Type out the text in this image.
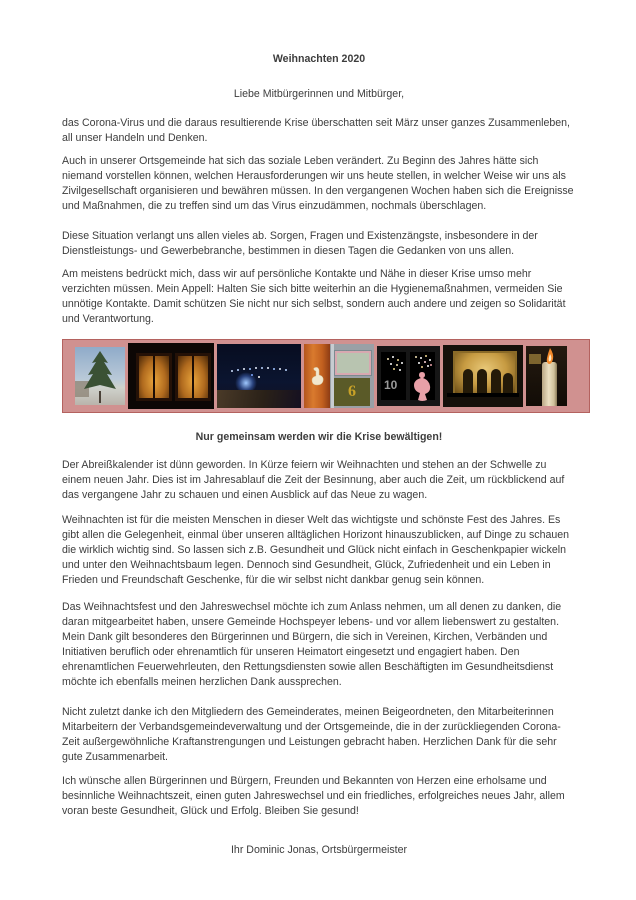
Weihnachten 2020
Liebe Mitbürgerinnen und Mitbürger,
das Corona-Virus und die daraus resultierende Krise überschatten seit März unser ganzes Zusammenleben, all unser Handeln und Denken.
Auch in unserer Ortsgemeinde hat sich das soziale Leben verändert. Zu Beginn des Jahres hätte sich niemand vorstellen können, welchen Herausforderungen wir uns heute stellen, in welcher Weise wir uns als Zivilgesellschaft organisieren und bewähren müssen. In den vergangenen Wochen haben sich die Ereignisse und Maßnahmen, die zu treffen sind um das Virus einzudämmen, nochmals überschlagen.
Diese Situation verlangt uns allen vieles ab. Sorgen, Fragen und Existenzängste, insbesondere in der Dienstleistungs- und Gewerbebranche, bestimmen in diesen Tagen die Gedanken von uns allen.
Am meistens bedrückt mich, dass wir auf persönliche Kontakte und Nähe in dieser Krise umso mehr verzichten müssen. Mein Appell: Halten Sie sich bitte weiterhin an die Hygienemaßnahmen, vermeiden Sie unnötige Kontakte. Damit schützen Sie nicht nur sich selbst, sondern auch andere und zeigen so Solidarität und Verantwortung.
6 10
Nur gemeinsam werden wir die Krise bewältigen!
Der Abreißkalender ist dünn geworden. In Kürze feiern wir Weihnachten und stehen an der Schwelle zu einem neuen Jahr. Dies ist im Jahresablauf die Zeit der Besinnung, aber auch die Zeit, um rückblickend auf das vergangene Jahr zu schauen und einen Ausblick auf das Neue zu wagen.
Weihnachten ist für die meisten Menschen in dieser Welt das wichtigste und schönste Fest des Jahres. Es gibt allen die Gelegenheit, einmal über unseren alltäglichen Horizont hinauszublicken, auf Dinge zu schauen die wirklich wichtig sind. So lassen sich z.B. Gesundheit und Glück nicht einfach in Geschenkpapier wickeln und unter den Weihnachtsbaum legen. Dennoch sind Gesundheit, Glück, Zufriedenheit und ein Leben in Frieden und Freundschaft Geschenke, für die wir selbst nicht dankbar genug sein können.
Das Weihnachtsfest und den Jahreswechsel möchte ich zum Anlass nehmen, um all denen zu danken, die daran mitgearbeitet haben, unsere Gemeinde Hochspeyer lebens- und vor allem liebenswert zu gestalten. Mein Dank gilt besonderes den Bürgerinnen und Bürgern, die sich in Vereinen, Kirchen, Verbänden und Initiativen beruflich oder ehrenamtlich für unseren Heimatort eingesetzt und engagiert haben. Den ehrenamtlichen Feuerwehrleuten, den Rettungsdiensten sowie allen Beschäftigten im Gesundheitsdienst möchte ich ebenfalls meinen herzlichen Dank aussprechen.
Nicht zuletzt danke ich den Mitgliedern des Gemeinderates, meinen Beigeordneten, den Mitarbeiterinnen Mitarbeitern der Verbandsgemeindeverwaltung und der Ortsgemeinde, die in der zurückliegenden Corona-Zeit außergewöhnliche Kraftanstrengungen und Leistungen gebracht haben. Herzlichen Dank für die sehr gute Zusammenarbeit.
Ich wünsche allen Bürgerinnen und Bürgern, Freunden und Bekannten von Herzen eine erholsame und besinnliche Weihnachtszeit, einen guten Jahreswechsel und ein friedliches, erfolgreiches neues Jahr, allem voran beste Gesundheit, Glück und Erfolg. Bleiben Sie gesund!
Ihr Dominic Jonas, Ortsbürgermeister
